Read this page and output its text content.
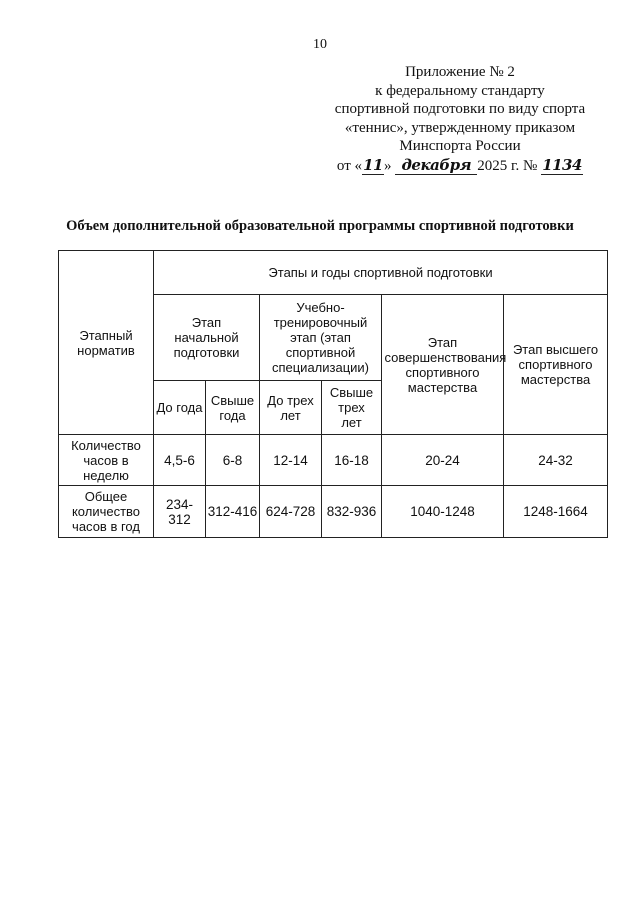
10
Приложение № 2
к федеральному стандарту
спортивной подготовки по виду спорта
«теннис», утвержденному приказом
Минспорта России
от «11» декабря 2025 г. № 1134
Объем дополнительной образовательной программы спортивной подготовки
Этапный норматив	Этапы и годы спортивной подготовки					
	Этап начальной подготовки		Учебно-тренировочный этап (этап спортивной специализации)		Этап совершенствования спортивного мастерства	Этап высшего спортивного мастерства
	До года	Свыше года	До трех лет	Свыше трех лет		
Количество часов в неделю	4,5-6	6-8	12-14	16-18	20-24	24-32
Общее количество часов в год	234-312	312-416	624-728	832-936	1040-1248	1248-1664
